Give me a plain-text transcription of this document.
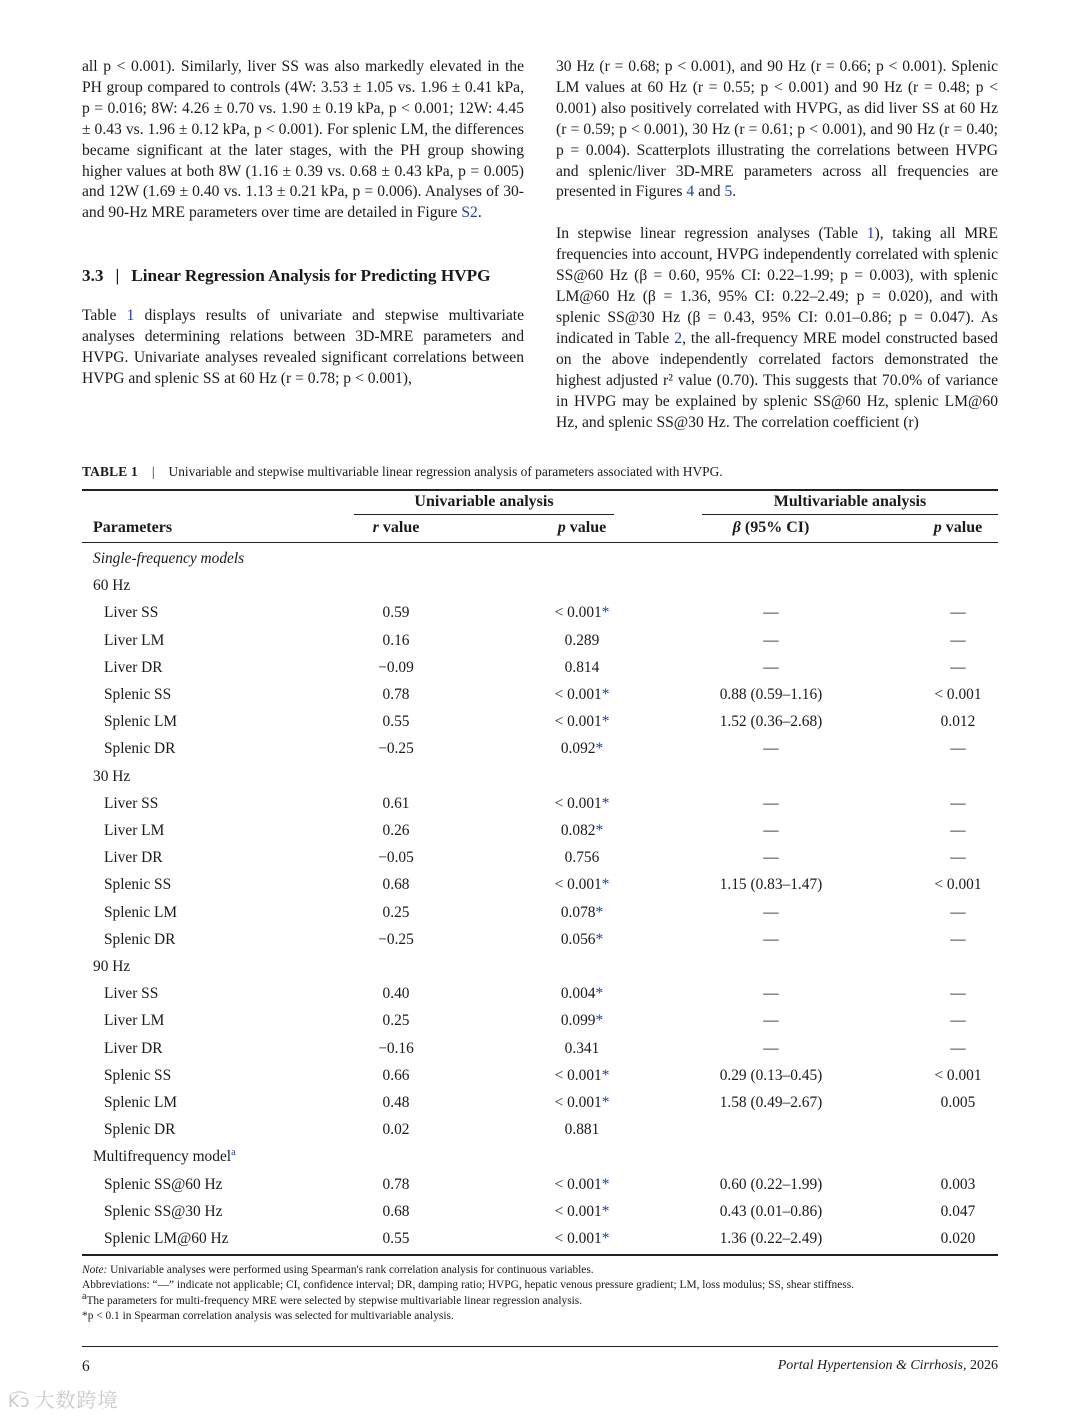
all p < 0.001). Similarly, liver SS was also markedly elevated in the PH group compared to controls (4W: 3.53 ± 1.05 vs. 1.96 ± 0.41 kPa, p = 0.016; 8W: 4.26 ± 0.70 vs. 1.90 ± 0.19 kPa, p < 0.001; 12W: 4.45 ± 0.43 vs. 1.96 ± 0.12 kPa, p < 0.001). For splenic LM, the differences became significant at the later stages, with the PH group showing higher values at both 8W (1.16 ± 0.39 vs. 0.68 ± 0.43 kPa, p = 0.005) and 12W (1.69 ± 0.40 vs. 1.13 ± 0.21 kPa, p = 0.006). Analyses of 30- and 90-Hz MRE parameters over time are detailed in Figure S2.

3.3 | Linear Regression Analysis for Predicting HVPG

Table 1 displays results of univariate and stepwise multivariate analyses determining relations between 3D-MRE parameters and HVPG. Univariate analyses revealed significant correlations between HVPG and splenic SS at 60 Hz (r = 0.78; p < 0.001),

30 Hz (r = 0.68; p < 0.001), and 90 Hz (r = 0.66; p < 0.001). Splenic LM values at 60 Hz (r = 0.55; p < 0.001) and 90 Hz (r = 0.48; p < 0.001) also positively correlated with HVPG, as did liver SS at 60 Hz (r = 0.59; p < 0.001), 30 Hz (r = 0.61; p < 0.001), and 90 Hz (r = 0.40; p = 0.004). Scatterplots illustrating the correlations between HVPG and splenic/liver 3D-MRE parameters across all frequencies are presented in Figures 4 and 5.

In stepwise linear regression analyses (Table 1), taking all MRE frequencies into account, HVPG independently correlated with splenic SS@60 Hz (β = 0.60, 95% CI: 0.22–1.99; p = 0.003), with splenic LM@60 Hz (β = 1.36, 95% CI: 0.22–2.49; p = 0.020), and with splenic SS@30 Hz (β = 0.43, 95% CI: 0.01–0.86; p = 0.047). As indicated in Table 2, the all-frequency MRE model constructed based on the above independently correlated factors demonstrated the highest adjusted r² value (0.70). This suggests that 70.0% of variance in HVPG may be explained by splenic SS@60 Hz, splenic LM@60 Hz, and splenic SS@30 Hz. The correlation coefficient (r)

TABLE 1 | Univariable and stepwise multivariable linear regression analysis of parameters associated with HVPG.
Univariable analysis	Multivariable analysis
Parameters	r value	p value	β (95% CI)	p value
Single-frequency models
60 Hz
Liver SS	0.59	< 0.001*	—	—
Liver LM	0.16	0.289	—	—
Liver DR	−0.09	0.814	—	—
Splenic SS	0.78	< 0.001*	0.88 (0.59–1.16)	< 0.001
Splenic LM	0.55	< 0.001*	1.52 (0.36–2.68)	0.012
Splenic DR	−0.25	0.092*	—	—
30 Hz
Liver SS	0.61	< 0.001*	—	—
Liver LM	0.26	0.082*	—	—
Liver DR	−0.05	0.756	—	—
Splenic SS	0.68	< 0.001*	1.15 (0.83–1.47)	< 0.001
Splenic LM	0.25	0.078*	—	—
Splenic DR	−0.25	0.056*	—	—
90 Hz
Liver SS	0.40	0.004*	—	—
Liver LM	0.25	0.099*	—	—
Liver DR	−0.16	0.341	—	—
Splenic SS	0.66	< 0.001*	0.29 (0.13–0.45)	< 0.001
Splenic LM	0.48	< 0.001*	1.58 (0.49–2.67)	0.005
Splenic DR	0.02	0.881
Multifrequency model$^a$
Splenic SS@60 Hz	0.78	< 0.001*	0.60 (0.22–1.99)	0.003
Splenic SS@30 Hz	0.68	< 0.001*	0.43 (0.01–0.86)	0.047
Splenic LM@60 Hz	0.55	< 0.001*	1.36 (0.22–2.49)	0.020

Note: Univariable analyses were performed using Spearman's rank correlation analysis for continuous variables.

Abbreviations: “—” indicate not applicable; CI, confidence interval; DR, damping ratio; HVPG, hepatic venous pressure gradient; LM, loss modulus; SS, shear stiffness.

$^a$The parameters for multi-frequency MRE were selected by stepwise multivariable linear regression analysis.

*p < 0.1 in Spearman correlation analysis was selected for multivariable analysis.

6	Portal Hypertension & Cirrhosis, 2026
K͡ɔ 大数跨境
